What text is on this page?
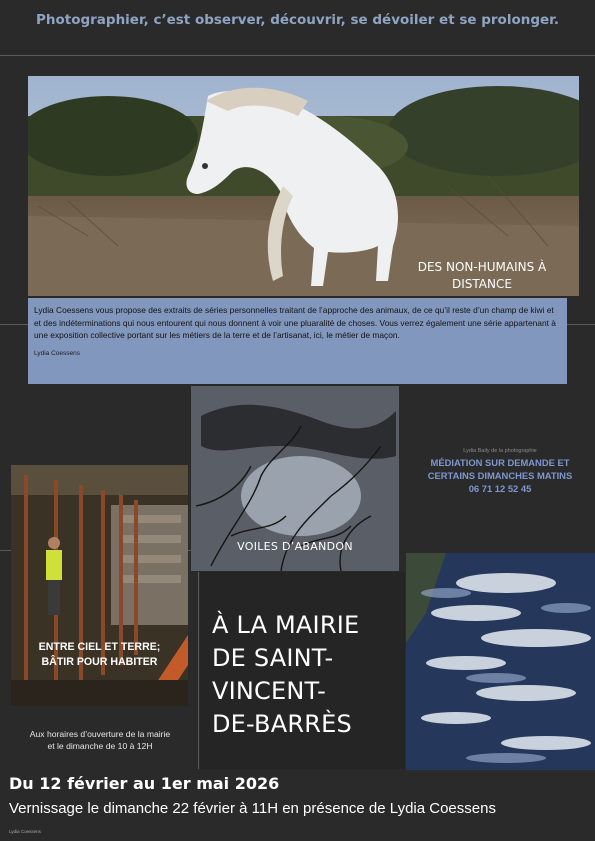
Photographier, c’est observer, découvrir, se dévoiler et se prolonger.
DES NON-HUMAINS À DISTANCE
Lydia Coessens vous propose des extraits de séries personnelles traitant de l’approche des animaux, de ce qu’il reste d’un champ de kiwi et et des indéterminations qui nous entourent qui nous donnent à voir une pluaralité de choses. Vous verrez également une série appartenant à une exposition collective portant sur les métiers de la terre et de l’artisanat, ici, le métier de maçon.
Lydia Coessens
VOILES D’ABANDON
Lydia Baily de la photographie
MÉDIATION SUR DEMANDE ET
CERTAINS DIMANCHES MATINS
06 71 12 52 45
ENTRE CIEL ET TERRE;
BÂTIR POUR HABITER
Aux horaires d’ouverture de la mairie
et le dimanche de 10 à 12H
À LA MAIRIE
DE SAINT-
VINCENT-
DE-BARRÈS
Du 12 février au 1er mai 2026
Vernissage le dimanche 22 février à 11H en présence de Lydia Coessens
Lydia Coessens
